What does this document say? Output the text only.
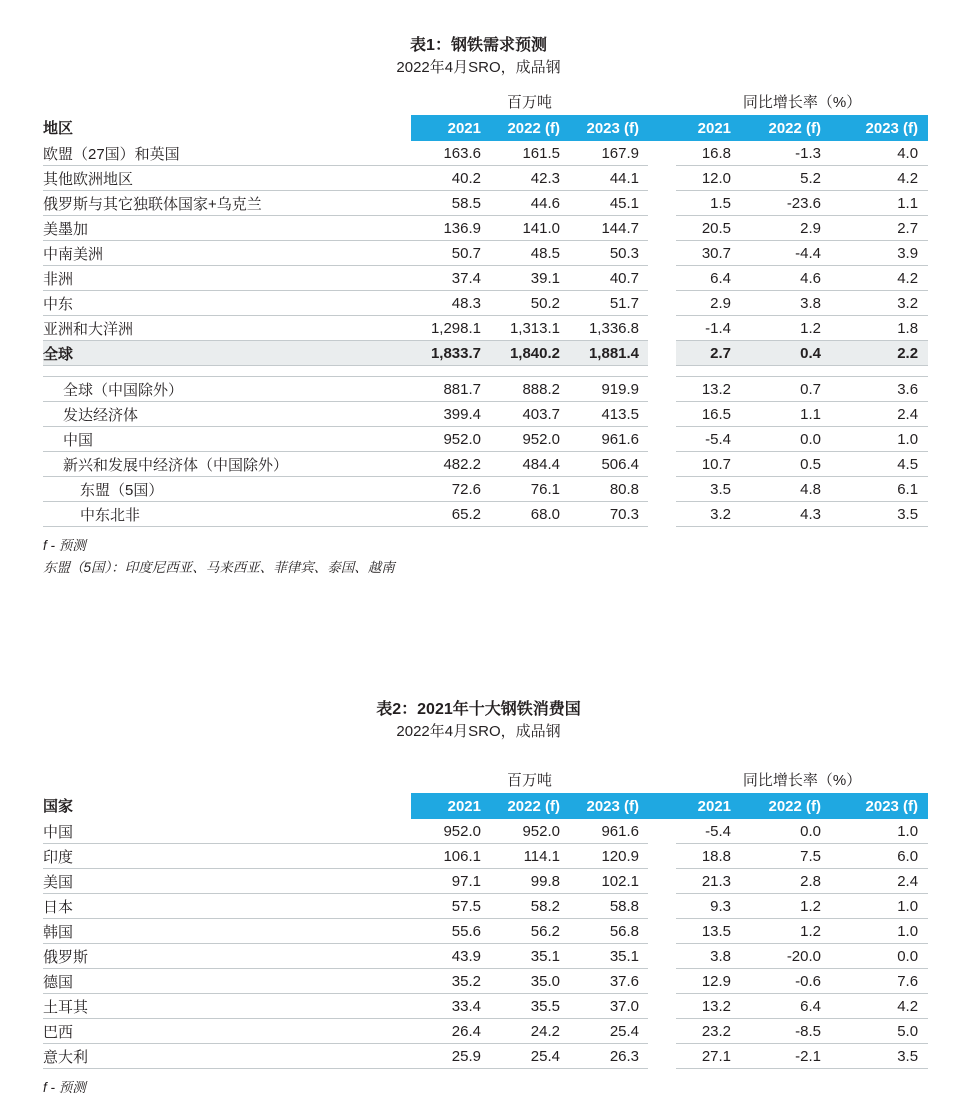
表1：钢铁需求预测
2022年4月SRO，成品钢
	百万吨				同比增长率（%）		
地区	2021	2022 (f)	2023 (f)		2021	2022 (f)	2023 (f)
欧盟（27国）和英国	163.6	161.5	167.9		16.8	-1.3	4.0
其他欧洲地区	40.2	42.3	44.1		12.0	5.2	4.2
俄罗斯与其它独联体国家+乌克兰	58.5	44.6	45.1		1.5	-23.6	1.1
美墨加	136.9	141.0	144.7		20.5	2.9	2.7
中南美洲	50.7	48.5	50.3		30.7	-4.4	3.9
非洲	37.4	39.1	40.7		6.4	4.6	4.2
中东	48.3	50.2	51.7		2.9	3.8	3.2
亚洲和大洋洲	1,298.1	1,313.1	1,336.8		-1.4	1.2	1.8
全球	1,833.7	1,840.2	1,881.4		2.7	0.4	2.2

全球（中国除外）	881.7	888.2	919.9		13.2	0.7	3.6
发达经济体	399.4	403.7	413.5		16.5	1.1	2.4
中国	952.0	952.0	961.6		-5.4	0.0	1.0
新兴和发展中经济体（中国除外）	482.2	484.4	506.4		10.7	0.5	4.5
东盟（5国）	72.6	76.1	80.8		3.5	4.8	6.1
中东北非	65.2	68.0	70.3		3.2	4.3	3.5
f - 预测
东盟（5国）：印度尼西亚、马来西亚、菲律宾、泰国、越南
表2：2021年十大钢铁消费国
2022年4月SRO，成品钢
	百万吨				同比增长率（%）		
国家	2021	2022 (f)	2023 (f)		2021	2022 (f)	2023 (f)
中国	952.0	952.0	961.6		-5.4	0.0	1.0
印度	106.1	114.1	120.9		18.8	7.5	6.0
美国	97.1	99.8	102.1		21.3	2.8	2.4
日本	57.5	58.2	58.8		9.3	1.2	1.0
韩国	55.6	56.2	56.8		13.5	1.2	1.0
俄罗斯	43.9	35.1	35.1		3.8	-20.0	0.0
德国	35.2	35.0	37.6		12.9	-0.6	7.6
土耳其	33.4	35.5	37.0		13.2	6.4	4.2
巴西	26.4	24.2	25.4		23.2	-8.5	5.0
意大利	25.9	25.4	26.3		27.1	-2.1	3.5
f - 预测
